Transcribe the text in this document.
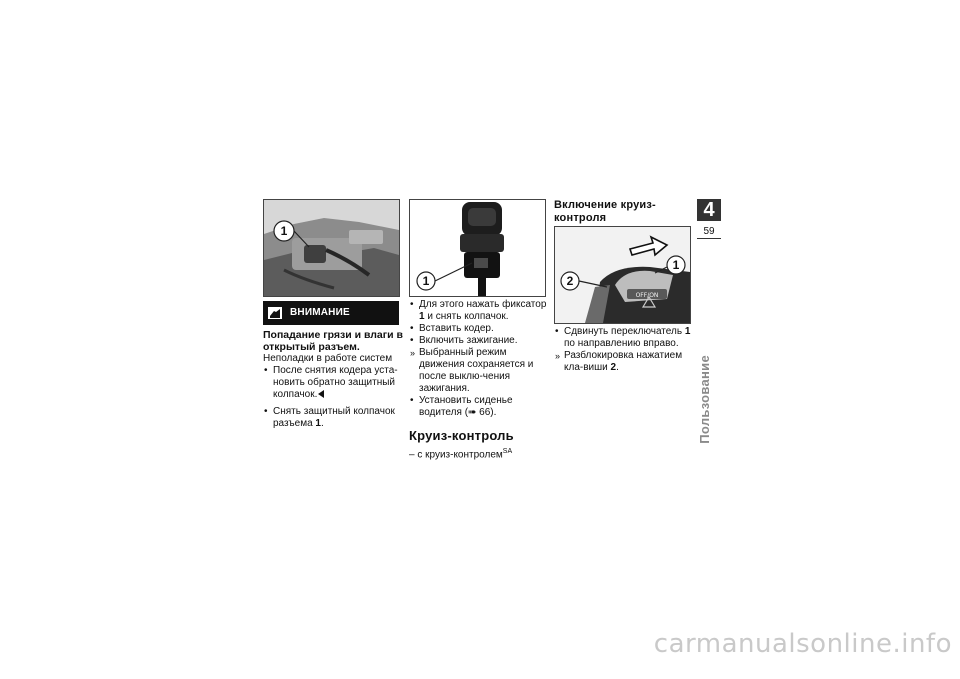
1
ВНИМАНИЕ
Попадание грязи и влаги в открытый разъем.
Неполадки в работе систем
• После снятия кодера уста-новить обратно защитный колпачок.
• Снять защитный колпачок разъема 1.
1
• Для этого нажать фиксатор 1 и снять колпачок.
• Вставить кодер.
• Включить зажигание.
» Выбранный режим движения сохраняется и после выклю-чения зажигания.
• Установить сиденье водителя (➠ 66).
Круиз-контроль
– с круиз-контролем$^{SA}$
Включение круиз-контроля
OFF/ON
2
1
• Сдвинуть переключатель 1 по направлению вправо.
» Разблокировка нажатием кла-виши 2.
4
59
Пользование
carmanualsonline.info
